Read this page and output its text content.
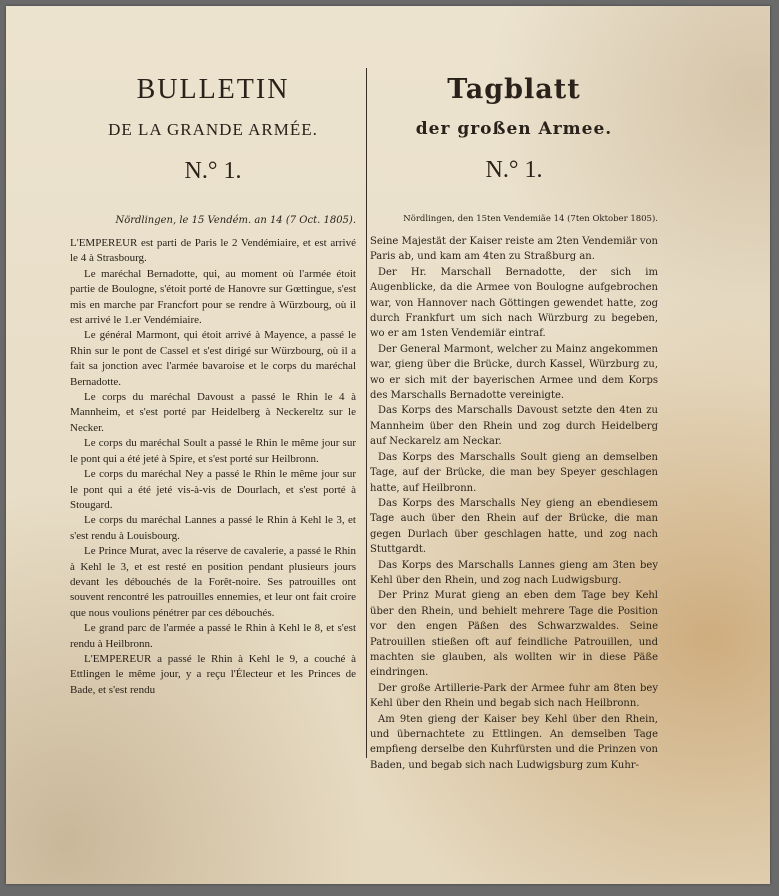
BULLETIN
DE LA GRANDE ARMÉE.
N.° 1.
Nördlingen, le 15 Vendém. an 14 (7 Oct. 1805).

L'EMPEREUR est parti de Paris le 2 Vendémiaire, et est arrivé le 4 à Strasbourg.

Le maréchal Bernadotte, qui, au moment où l'armée étoit partie de Boulogne, s'étoit porté de Hanovre sur Gœttingue, s'est mis en marche par Francfort pour se rendre à Würzbourg, où il est arrivé le 1.er Vendémiaire.

Le général Marmont, qui étoit arrivé à Mayence, a passé le Rhin sur le pont de Cassel et s'est dirigé sur Würzbourg, où il a fait sa jonction avec l'armée bavaroise et le corps du maréchal Bernadotte.

Le corps du maréchal Davoust a passé le Rhin le 4 à Mannheim, et s'est porté par Heidelberg à Neckereltz sur le Necker.

Le corps du maréchal Soult a passé le Rhin le même jour sur le pont qui a été jeté à Spire, et s'est porté sur Heilbronn.

Le corps du maréchal Ney a passé le Rhin le même jour sur le pont qui a été jeté vis-à-vis de Dourlach, et s'est porté à Stougard.

Le corps du maréchal Lannes a passé le Rhin à Kehl le 3, et s'est rendu à Louisbourg.

Le Prince Murat, avec la réserve de cavalerie, a passé le Rhin à Kehl le 3, et est resté en position pendant plusieurs jours devant les débouchés de la Forêt-noire. Ses patrouilles ont souvent rencontré les patrouilles ennemies, et leur ont fait croire que nous voulions pénétrer par ces débouchés.

Le grand parc de l'armée a passé le Rhin à Kehl le 8, et s'est rendu à Heilbronn.

L'EMPEREUR a passé le Rhin à Kehl le 9, a couché à Ettlingen le même jour, y a reçu l'Électeur et les Princes de Bade, et s'est rendu

Tagblatt
der großen Armee.
N.° 1.
Nördlingen, den 15ten Vendemiäe 14 (7ten Oktober 1805).

Seine Majestät der Kaiser reiste am 2ten Vendemiär von Paris ab, und kam am 4ten zu Straßburg an.

Der Hr. Marschall Bernadotte, der sich im Augenblicke, da die Armee von Boulogne aufgebrochen war, von Hannover nach Göttingen gewendet hatte, zog durch Frankfurt um sich nach Würzburg zu begeben, wo er am 1sten Vendemiär eintraf.

Der General Marmont, welcher zu Mainz angekommen war, gieng über die Brücke, durch Kassel, Würzburg zu, wo er sich mit der bayerischen Armee und dem Korps des Marschalls Bernadotte vereinigte.

Das Korps des Marschalls Davoust setzte den 4ten zu Mannheim über den Rhein und zog durch Heidelberg auf Neckarelz am Neckar.

Das Korps des Marschalls Soult gieng an demselben Tage, auf der Brücke, die man bey Speyer geschlagen hatte, auf Heilbronn.

Das Korps des Marschalls Ney gieng an ebendiesem Tage auch über den Rhein auf der Brücke, die man gegen Durlach über geschlagen hatte, und zog nach Stuttgardt.

Das Korps des Marschalls Lannes gieng am 3ten bey Kehl über den Rhein, und zog nach Ludwigsburg.

Der Prinz Murat gieng an eben dem Tage bey Kehl über den Rhein, und behielt mehrere Tage die Position vor den engen Päßen des Schwarzwaldes. Seine Patrouillen stießen oft auf feindliche Patrouillen, und machten sie glauben, als wollten wir in diese Päße eindringen.

Der große Artillerie-Park der Armee fuhr am 8ten bey Kehl über den Rhein und begab sich nach Heilbronn.

Am 9ten gieng der Kaiser bey Kehl über den Rhein, und übernachtete zu Ettlingen. An demselben Tage empfieng derselbe den Kuhrfürsten und die Prinzen von Baden, und begab sich nach Ludwigsburg zum Kuhr-
